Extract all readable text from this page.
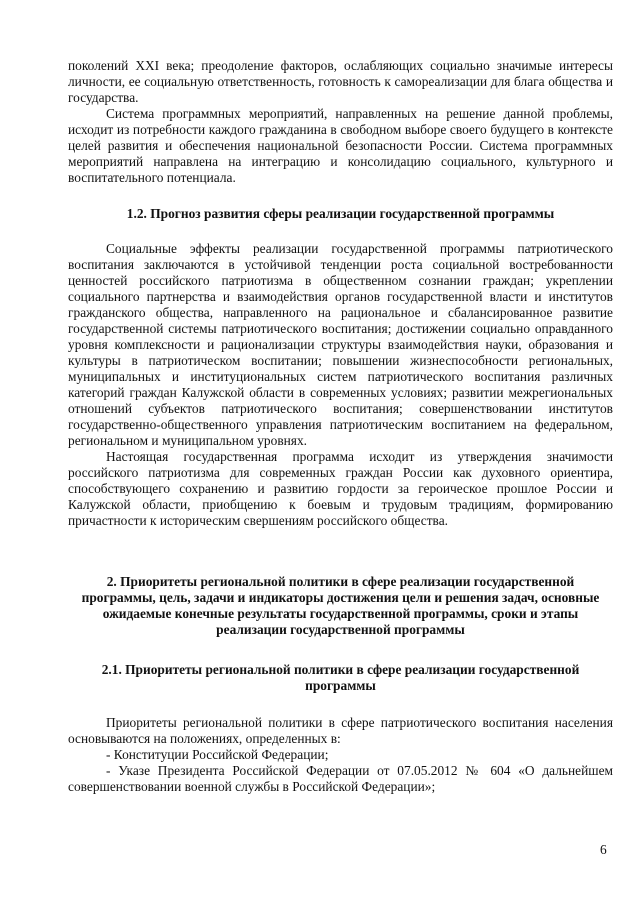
поколений XXI века; преодоление факторов, ослабляющих социально значимые интересы личности, ее социальную ответственность, готовность к самореализации для блага общества и государства.

Система программных мероприятий, направленных на решение данной проблемы, исходит из потребности каждого гражданина в свободном выборе своего будущего в контексте целей развития и обеспечения национальной безопасности России. Система программных мероприятий направлена на интеграцию и консолидацию социального, культурного и воспитательного потенциала.

1.2. Прогноз развития сферы реализации государственной программы

Социальные эффекты реализации государственной программы патриотического воспитания заключаются в устойчивой тенденции роста социальной востребованности ценностей российского патриотизма в общественном сознании граждан; укреплении социального партнерства и взаимодействия органов государственной власти и институтов гражданского общества, направленного на рациональное и сбалансированное развитие государственной системы патриотического воспитания; достижении социально оправданного уровня комплексности и рационализации структуры взаимодействия науки, образования и культуры в патриотическом воспитании; повышении жизнеспособности региональных, муниципальных и институциональных систем патриотического воспитания различных категорий граждан Калужской области в современных условиях; развитии межрегиональных отношений субъектов патриотического воспитания; совершенствовании институтов государственно-общественного управления патриотическим воспитанием на федеральном, региональном и муниципальном уровнях.

Настоящая государственная программа исходит из утверждения значимости российского патриотизма для современных граждан России как духовного ориентира, способствующего сохранению и развитию гордости за героическое прошлое России и Калужской области, приобщению к боевым и трудовым традициям, формированию причастности к историческим свершениям российского общества.

2. Приоритеты региональной политики в сфере реализации государственной программы, цель, задачи и индикаторы достижения цели и решения задач, основные ожидаемые конечные результаты государственной программы, сроки и этапы реализации государственной программы

2.1. Приоритеты региональной политики в сфере реализации государственной программы

Приоритеты региональной политики в сфере патриотического воспитания населения основываются на положениях, определенных в:

- Конституции Российской Федерации;

- Указе Президента Российской Федерации от 07.05.2012 № 604 «О дальнейшем совершенствовании военной службы в Российской Федерации»;

6
